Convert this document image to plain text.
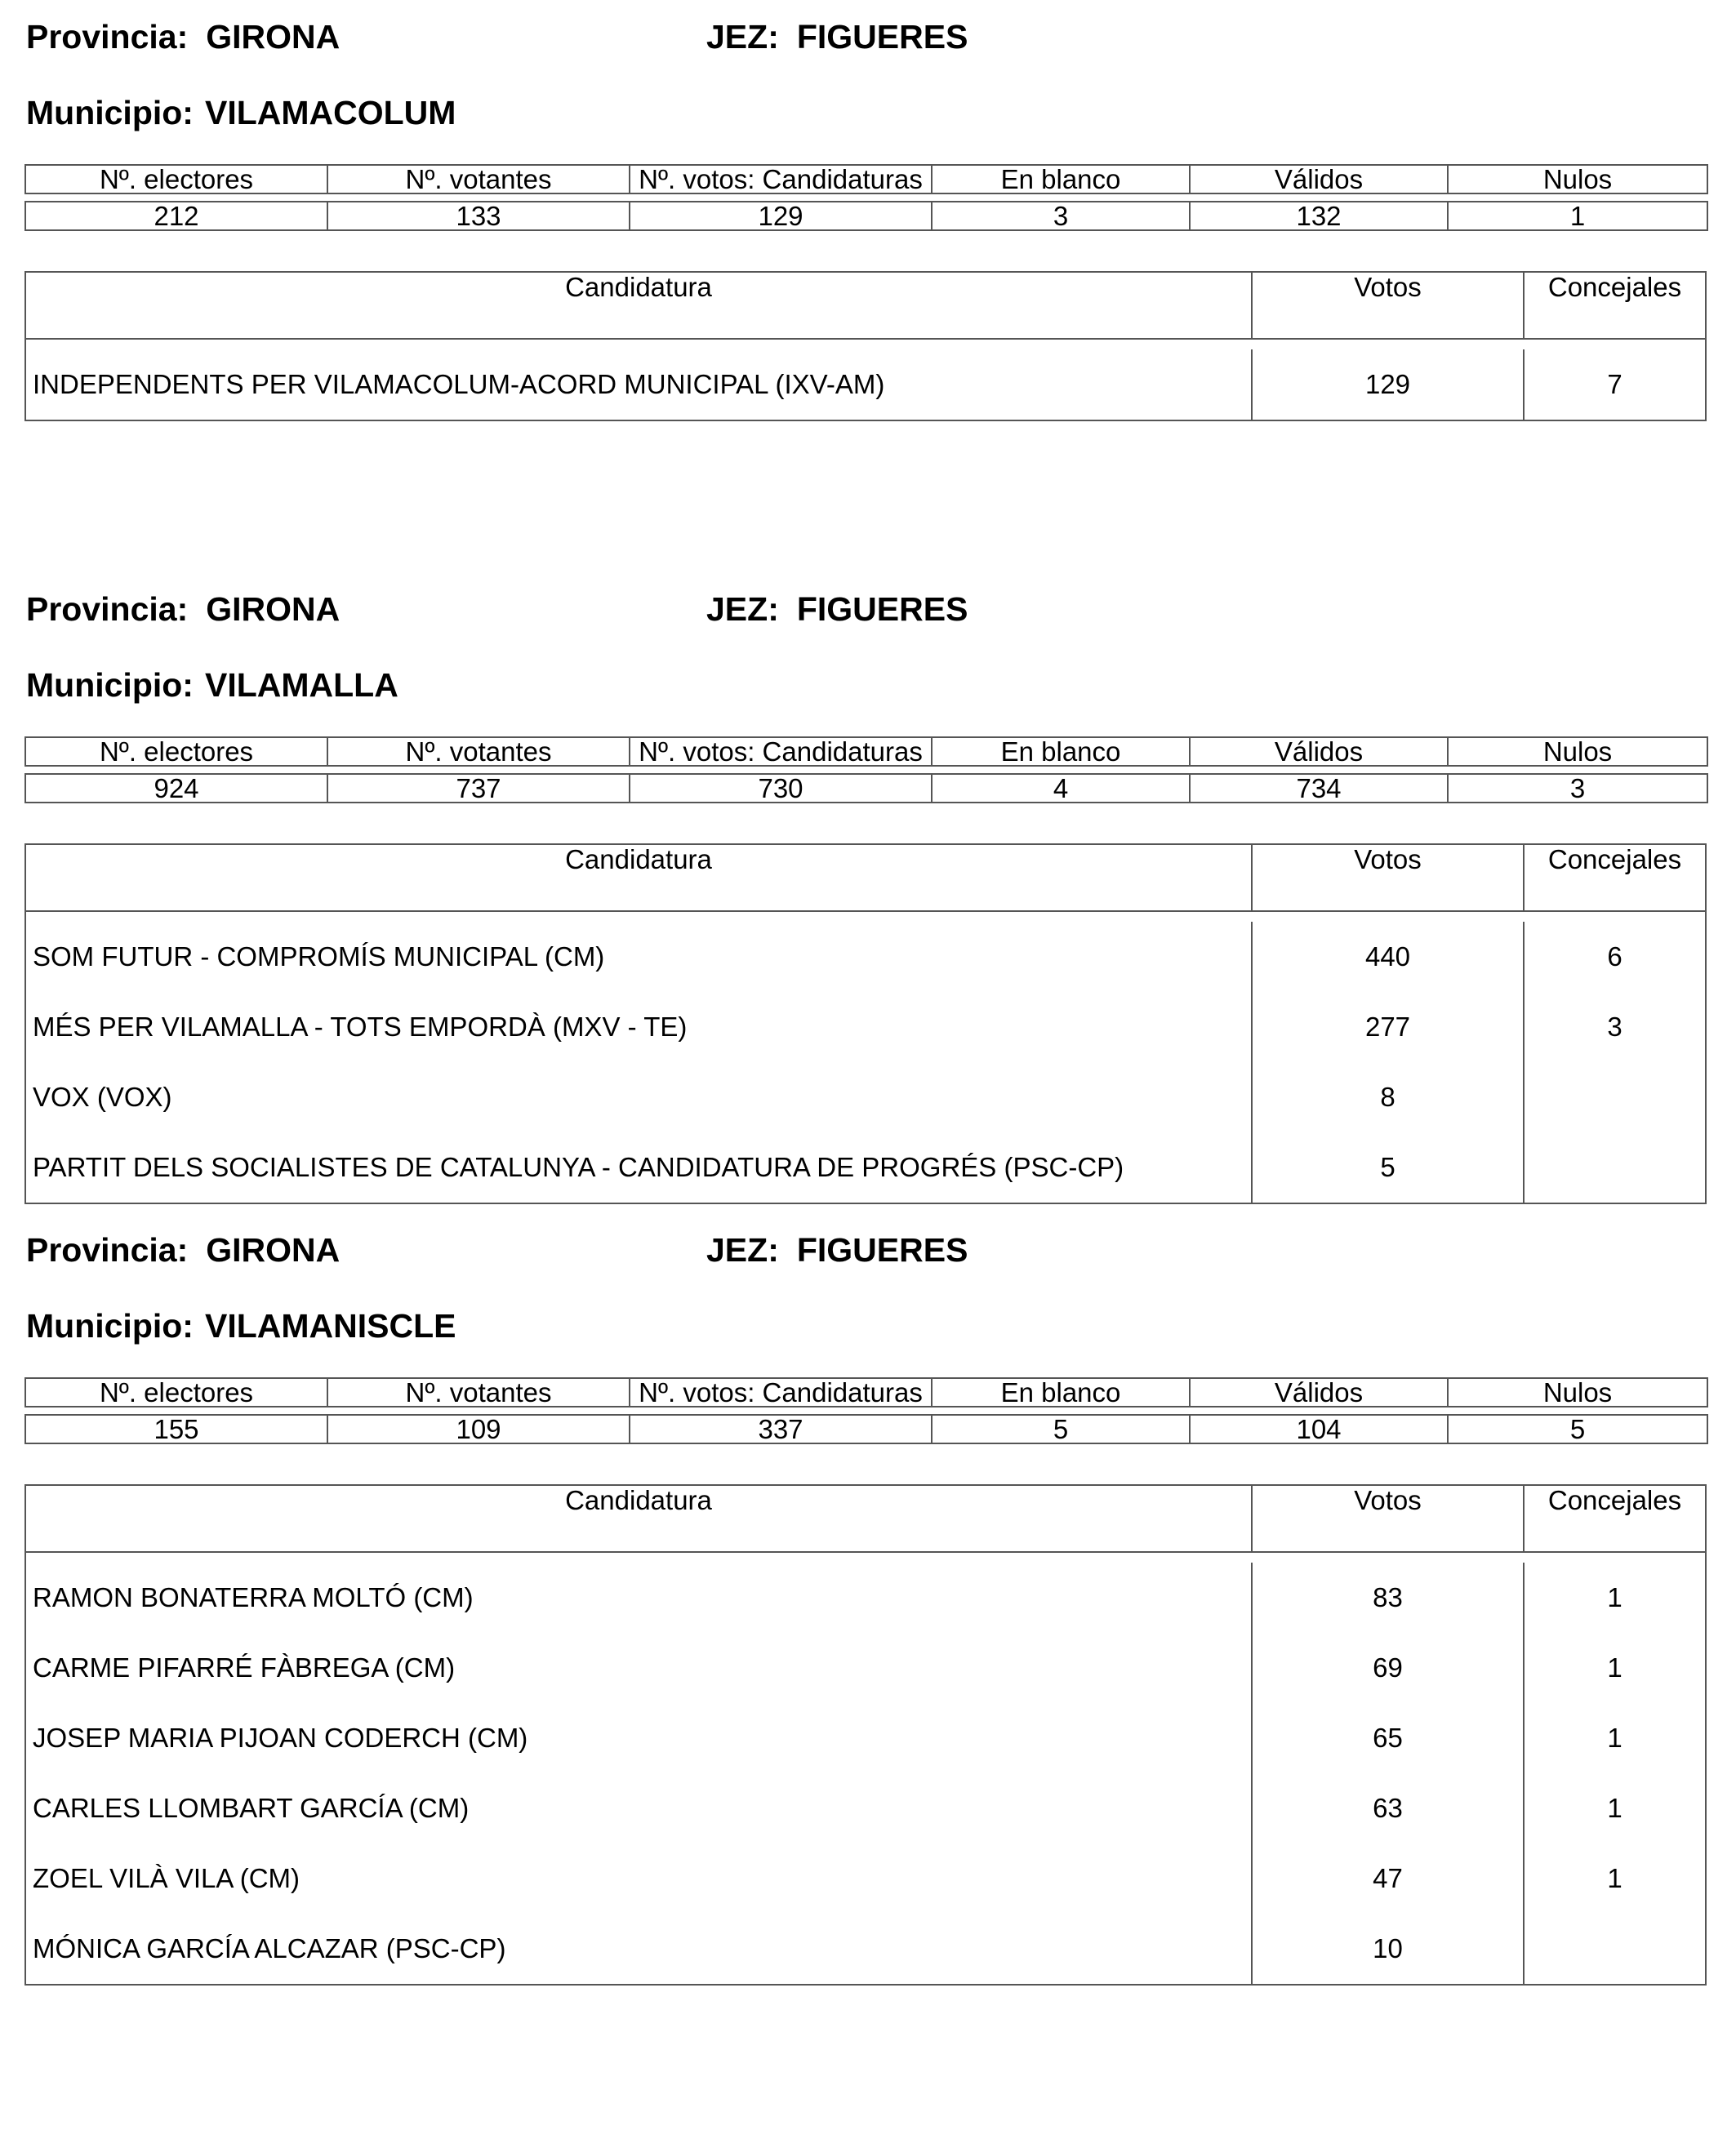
Provincia: GIRONA	JEZ: FIGUERES
Municipio: VILAMACOLUM
Nº. electores	Nº. votantes	Nº. votos: Candidaturas	En blanco	Válidos	Nulos

212	133	129	3	132	1
Candidatura	Votos	Concejales
INDEPENDENTS PER VILAMACOLUM-ACORD MUNICIPAL (IXV-AM)	129	7
Provincia: GIRONA	JEZ: FIGUERES
Municipio: VILAMALLA
Nº. electores	Nº. votantes	Nº. votos: Candidaturas	En blanco	Válidos	Nulos

924	737	730	4	734	3
Candidatura	Votos	Concejales
SOM FUTUR - COMPROMÍS MUNICIPAL (CM)	440	6
MÉS PER VILAMALLA - TOTS EMPORDÀ (MXV - TE)	277	3
VOX (VOX)	8
PARTIT DELS SOCIALISTES DE CATALUNYA - CANDIDATURA DE PROGRÉS (PSC-CP)	5
Provincia: GIRONA	JEZ: FIGUERES
Municipio: VILAMANISCLE
Nº. electores	Nº. votantes	Nº. votos: Candidaturas	En blanco	Válidos	Nulos

155	109	337	5	104	5
Candidatura	Votos	Concejales
RAMON BONATERRA MOLTÓ (CM)	83	1
CARME PIFARRÉ FÀBREGA (CM)	69	1
JOSEP MARIA PIJOAN CODERCH (CM)	65	1
CARLES LLOMBART GARCÍA (CM)	63	1
ZOEL VILÀ VILA (CM)	47	1
MÓNICA GARCÍA ALCAZAR (PSC-CP)	10
